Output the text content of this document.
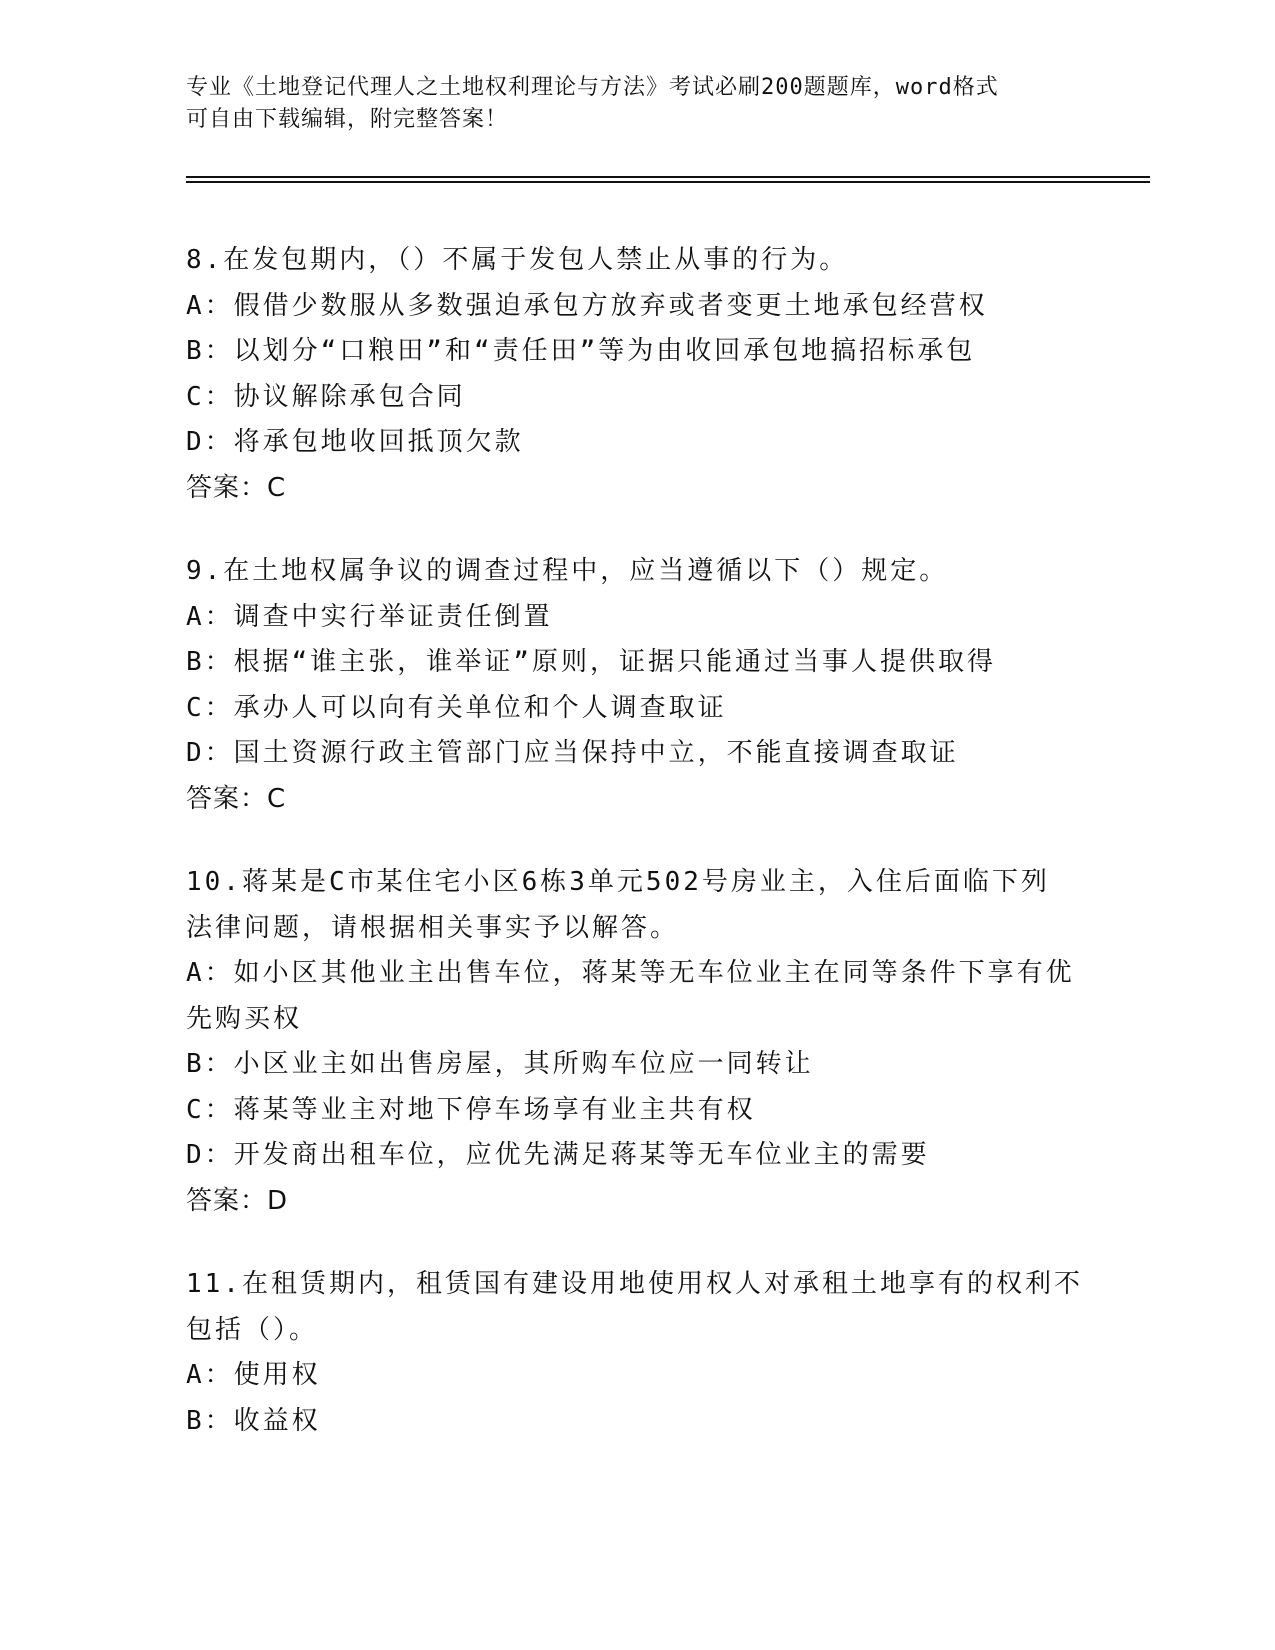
专业《土地登记代理人之土地权利理论与方法》考试必刷200题题库，word格式
可自由下载编辑，附完整答案！
8.在发包期内，（）不属于发包人禁止从事的行为。
A：假借少数服从多数强迫承包方放弃或者变更土地承包经营权
B：以划分“口粮田”和“责任田”等为由收回承包地搞招标承包
C：协议解除承包合同
D：将承包地收回抵顶欠款
答案：C
9.在土地权属争议的调查过程中，应当遵循以下（）规定。
A：调查中实行举证责任倒置
B：根据“谁主张，谁举证”原则，证据只能通过当事人提供取得
C：承办人可以向有关单位和个人调查取证
D：国土资源行政主管部门应当保持中立，不能直接调查取证
答案：C
10.蒋某是C市某住宅小区6栋3单元502号房业主，入住后面临下列
法律问题，请根据相关事实予以解答。
A：如小区其他业主出售车位，蒋某等无车位业主在同等条件下享有优
先购买权
B：小区业主如出售房屋，其所购车位应一同转让
C：蒋某等业主对地下停车场享有业主共有权
D：开发商出租车位，应优先满足蒋某等无车位业主的需要
答案：D
11.在租赁期内，租赁国有建设用地使用权人对承租土地享有的权利不
包括（）。
A：使用权
B：收益权
